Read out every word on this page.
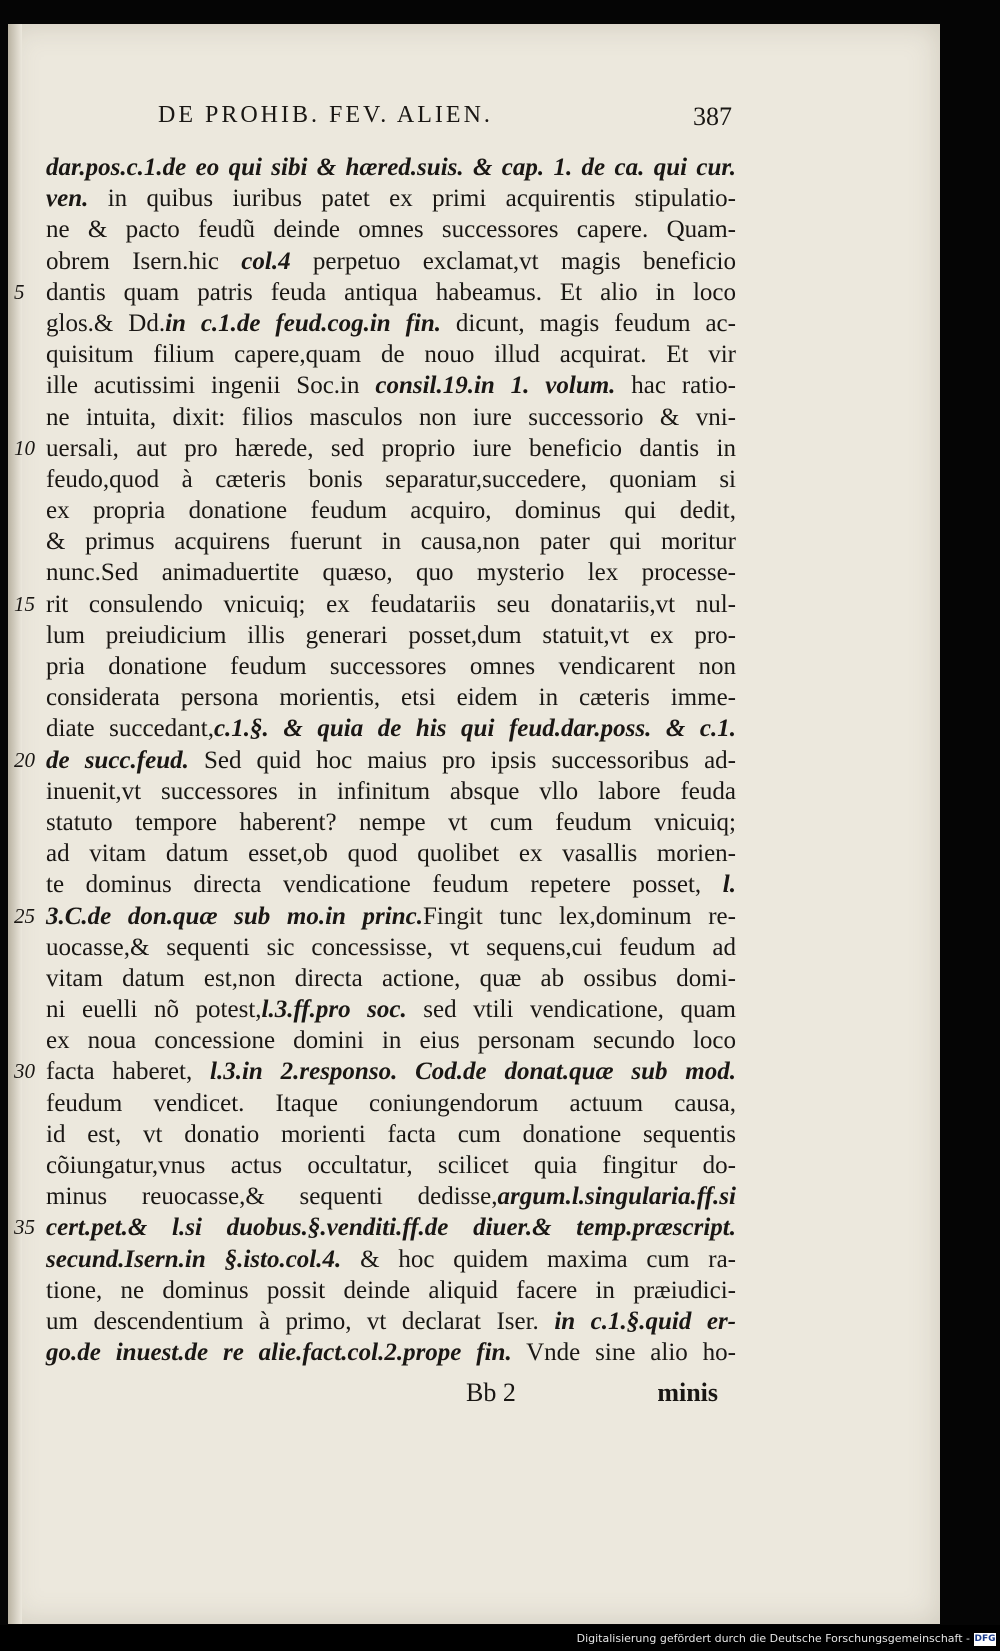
DE PROHIB. FEV. ALIEN.	387
dar.pos.c.1.de eo qui sibi & hæred.suis. & cap. 1. de ca. qui cur.
ven. in quibus iuribus patet ex primi acquirentis stipulatio-
ne & pacto feudũ deinde omnes successores capere. Quam-
obrem Isern.hic col.4 perpetuo exclamat,vt magis beneficio
5 dantis quam patris feuda antiqua habeamus. Et alio in loco
glos.& Dd.in c.1.de feud.cog.in fin. dicunt, magis feudum ac-
quisitum filium capere,quam de nouo illud acquirat. Et vir
ille acutissimi ingenii Soc.in consil.19.in 1. volum. hac ratio-
ne intuita, dixit: filios masculos non iure successorio & vni-
10 uersali, aut pro hærede, sed proprio iure beneficio dantis in
feudo,quod à cæteris bonis separatur,succedere, quoniam si
ex propria donatione feudum acquiro, dominus qui dedit,
& primus acquirens fuerunt in causa,non pater qui moritur
nunc.Sed animaduertite quæso, quo mysterio lex processe-
15 rit consulendo vnicuiq; ex feudatariis seu donatariis,vt nul-
lum preiudicium illis generari posset,dum statuit,vt ex pro-
pria donatione feudum successores omnes vendicarent non
considerata persona morientis, etsi eidem in cæteris imme-
diate succedant,c.1.§. & quia de his qui feud.dar.poss. & c.1.
20 de succ.feud. Sed quid hoc maius pro ipsis successoribus ad-
inuenit,vt successores in infinitum absque vllo labore feuda
statuto tempore haberent? nempe vt cum feudum vnicuiq;
ad vitam datum esset,ob quod quolibet ex vasallis morien-
te dominus directa vendicatione feudum repetere posset, l.
25 3.C.de don.quæ sub mo.in princ.Fingit tunc lex,dominum re-
uocasse,& sequenti sic concessisse, vt sequens,cui feudum ad
vitam datum est,non directa actione, quæ ab ossibus domi-
ni euelli nõ potest,l.3.ff.pro soc. sed vtili vendicatione, quam
ex noua concessione domini in eius personam secundo loco
30 facta haberet, l.3.in 2.responso. Cod.de donat.quæ sub mod.
feudum vendicet. Itaque coniungendorum actuum causa,
id est, vt donatio morienti facta cum donatione sequentis
cõiungatur,vnus actus occultatur, scilicet quia fingitur do-
minus reuocasse,& sequenti dedisse,argum.l.singularia.ff.si
35 cert.pet.& l.si duobus.§.venditi.ff.de diuer.& temp.præscript.
secund.Isern.in §.isto.col.4. & hoc quidem maxima cum ra-
tione, ne dominus possit deinde aliquid facere in præiudici-
um descendentium à primo, vt declarat Iser. in c.1.§.quid er-
go.de inuest.de re alie.fact.col.2.prope fin. Vnde sine alio ho-
Bb 2	minis
Digitalisierung gefördert durch die Deutsche Forschungsgemeinschaft - DFG
